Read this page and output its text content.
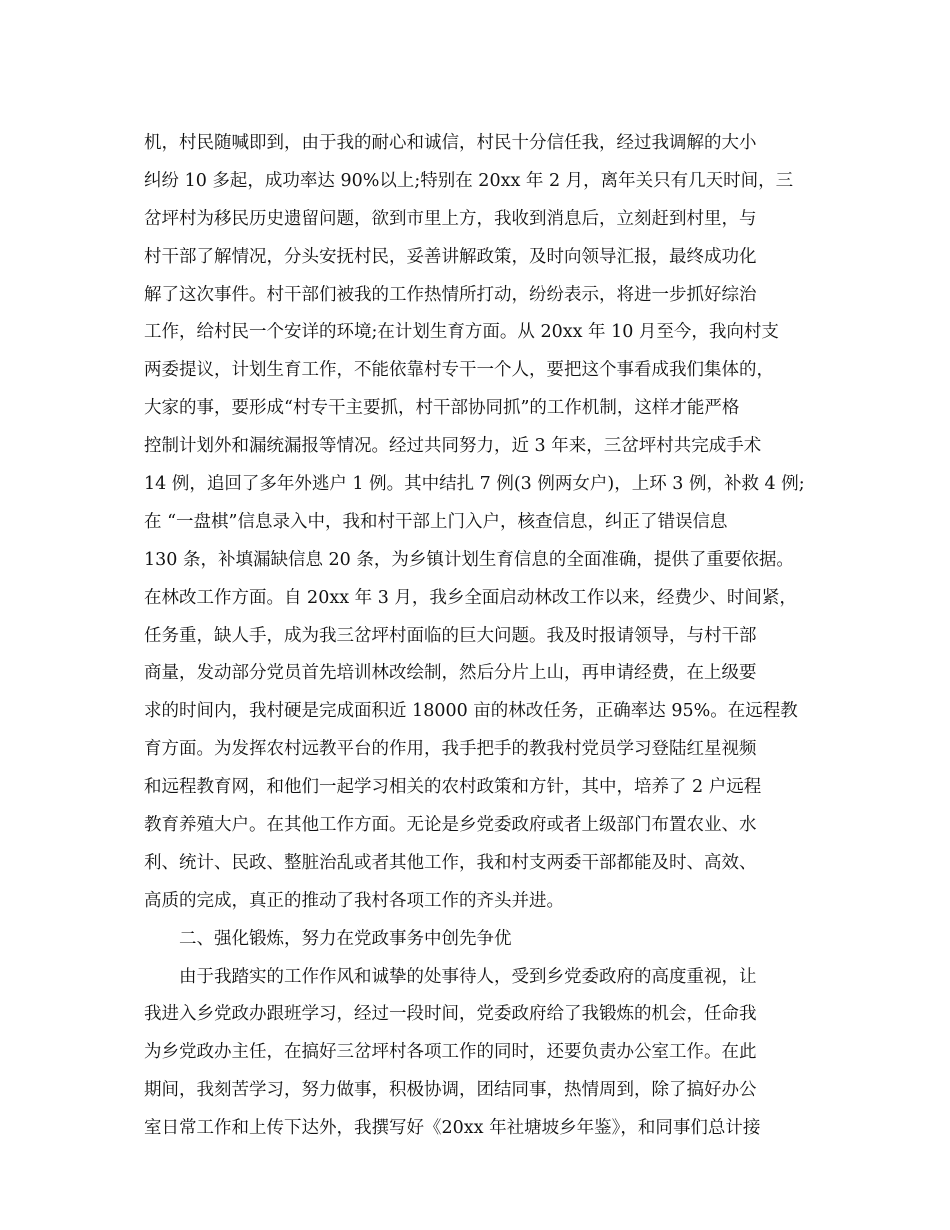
机，村民随喊即到，由于我的耐心和诚信，村民十分信任我，经过我调解的大小
纠纷 10 多起，成功率达 90%以上;特别在 20xx 年 2 月，离年关只有几天时间，三
岔坪村为移民历史遗留问题，欲到市里上方，我收到消息后，立刻赶到村里，与
村干部了解情况，分头安抚村民，妥善讲解政策，及时向领导汇报，最终成功化
解了这次事件。村干部们被我的工作热情所打动，纷纷表示，将进一步抓好综治
工作，给村民一个安详的环境;在计划生育方面。从 20xx 年 10 月至今，我向村支
两委提议，计划生育工作，不能依靠村专干一个人，要把这个事看成我们集体的，
大家的事，要形成“村专干主要抓，村干部协同抓”的工作机制，这样才能严格
控制计划外和漏统漏报等情况。经过共同努力，近 3 年来，三岔坪村共完成手术
14 例，追回了多年外逃户 1 例。其中结扎 7 例(3 例两女户)，上环 3 例，补救 4 例;
在 “一盘棋”信息录入中，我和村干部上门入户，核查信息，纠正了错误信息
130 条，补填漏缺信息 20 条，为乡镇计划生育信息的全面准确，提供了重要依据。
在林改工作方面。自 20xx 年 3 月，我乡全面启动林改工作以来，经费少、时间紧，
任务重，缺人手，成为我三岔坪村面临的巨大问题。我及时报请领导，与村干部
商量，发动部分党员首先培训林改绘制，然后分片上山，再申请经费，在上级要
求的时间内，我村硬是完成面积近 18000 亩的林改任务，正确率达 95%。在远程教
育方面。为发挥农村远教平台的作用，我手把手的教我村党员学习登陆红星视频
和远程教育网，和他们一起学习相关的农村政策和方针，其中，培养了 2 户远程
教育养殖大户。在其他工作方面。无论是乡党委政府或者上级部门布置农业、水
利、统计、民政、整脏治乱或者其他工作，我和村支两委干部都能及时、高效、
高质的完成，真正的推动了我村各项工作的齐头并进。
二、强化锻炼，努力在党政事务中创先争优
由于我踏实的工作作风和诚挚的处事待人，受到乡党委政府的高度重视，让
我进入乡党政办跟班学习，经过一段时间，党委政府给了我锻炼的机会，任命我
为乡党政办主任，在搞好三岔坪村各项工作的同时，还要负责办公室工作。在此
期间，我刻苦学习，努力做事，积极协调，团结同事，热情周到，除了搞好办公
室日常工作和上传下达外，我撰写好《20xx 年社塘坡乡年鉴》，和同事们总计接
